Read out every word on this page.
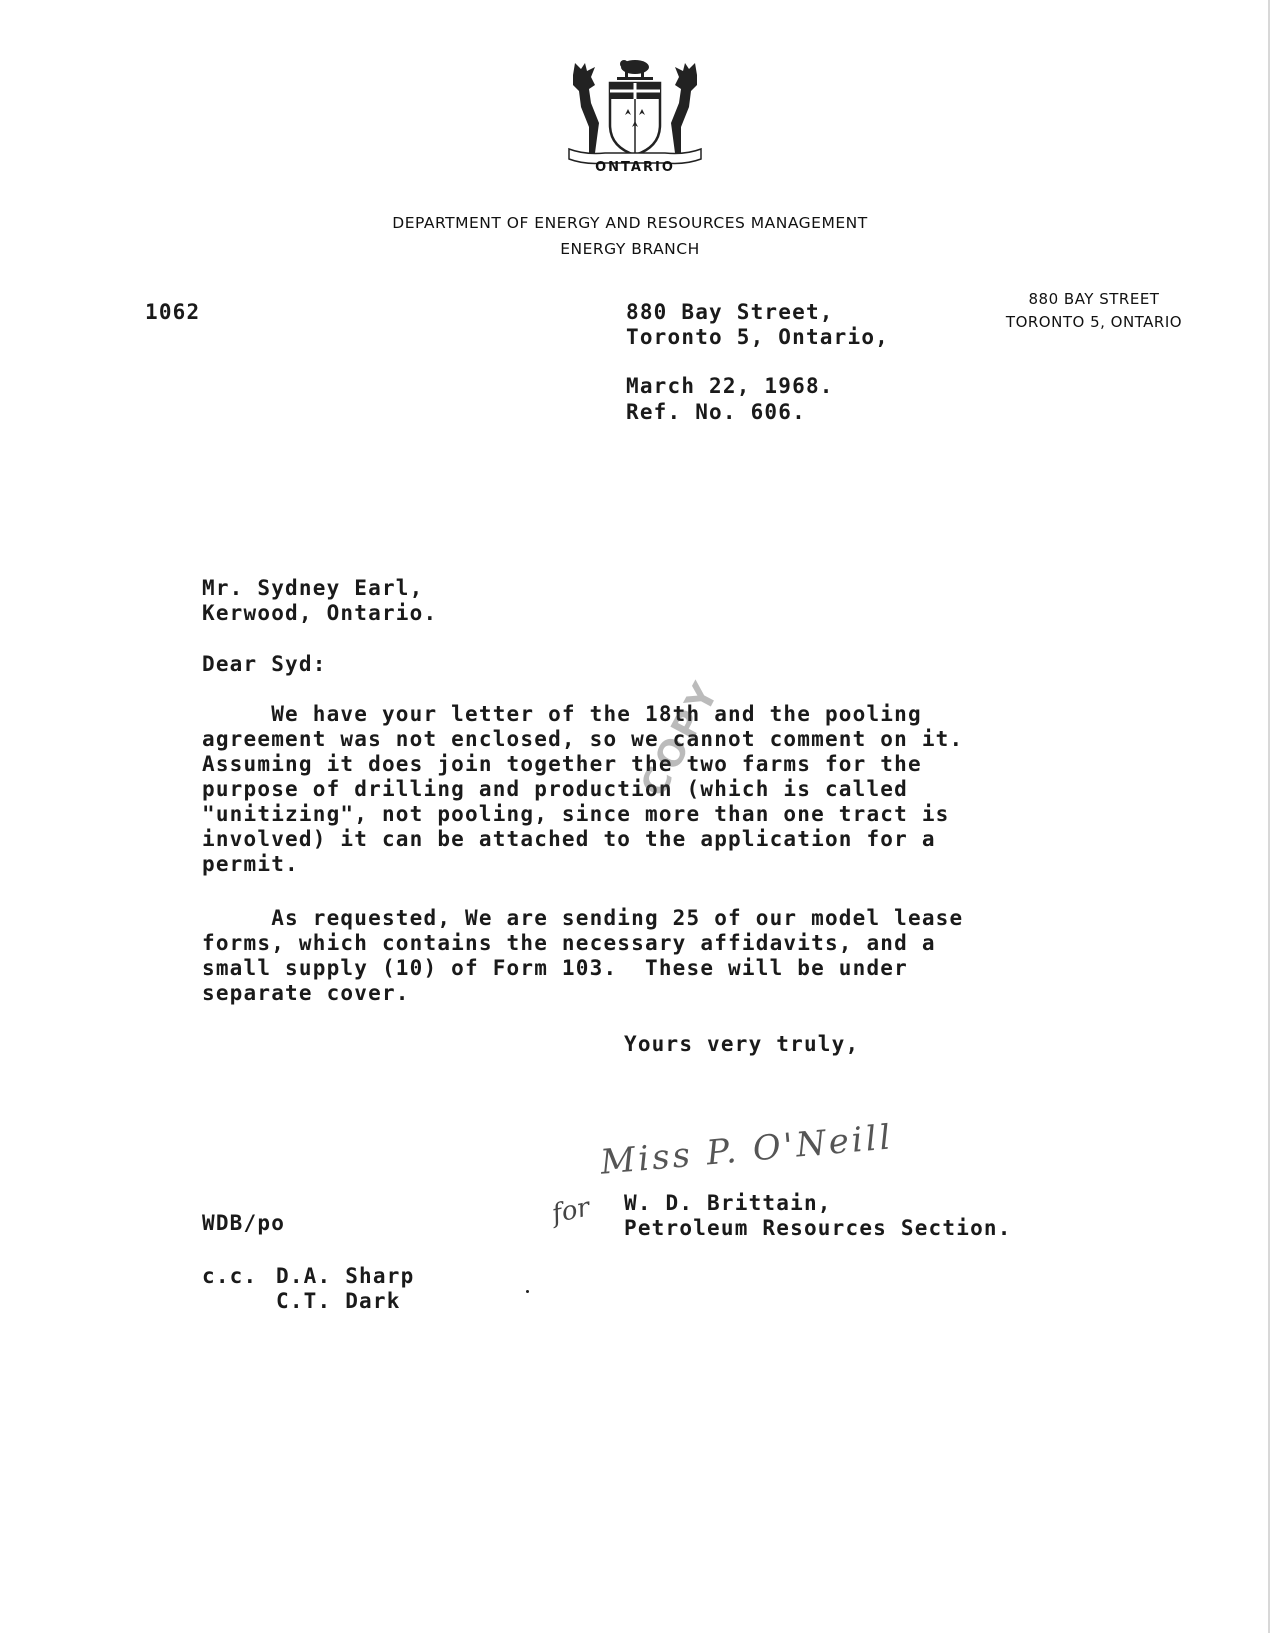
ONTARIO
DEPARTMENT OF ENERGY AND RESOURCES MANAGEMENT
ENERGY BRANCH
880 BAY STREET
TORONTO 5, ONTARIO
1062	880 Bay Street,
Toronto 5, Ontario,
March 22, 1968.
Ref. No. 606.
Mr. Sydney Earl,
Kerwood, Ontario.
Dear Syd:
We have your letter of the 18th and the pooling
agreement was not enclosed, so we cannot comment on it.
Assuming it does join together the two farms for the
purpose of drilling and production (which is called
"unitizing", not pooling, since more than one tract is
involved) it can be attached to the application for a
permit.
As requested, We are sending 25 of our model lease
forms, which contains the necessary affidavits, and a
small supply (10) of Form 103.  These will be under
separate cover.
COPY
Yours very truly,
Miss P. O'Neill
for W. D. Brittain,
Petroleum Resources Section.
WDB/po
c.c. D.A. Sharp
C.T. Dark
